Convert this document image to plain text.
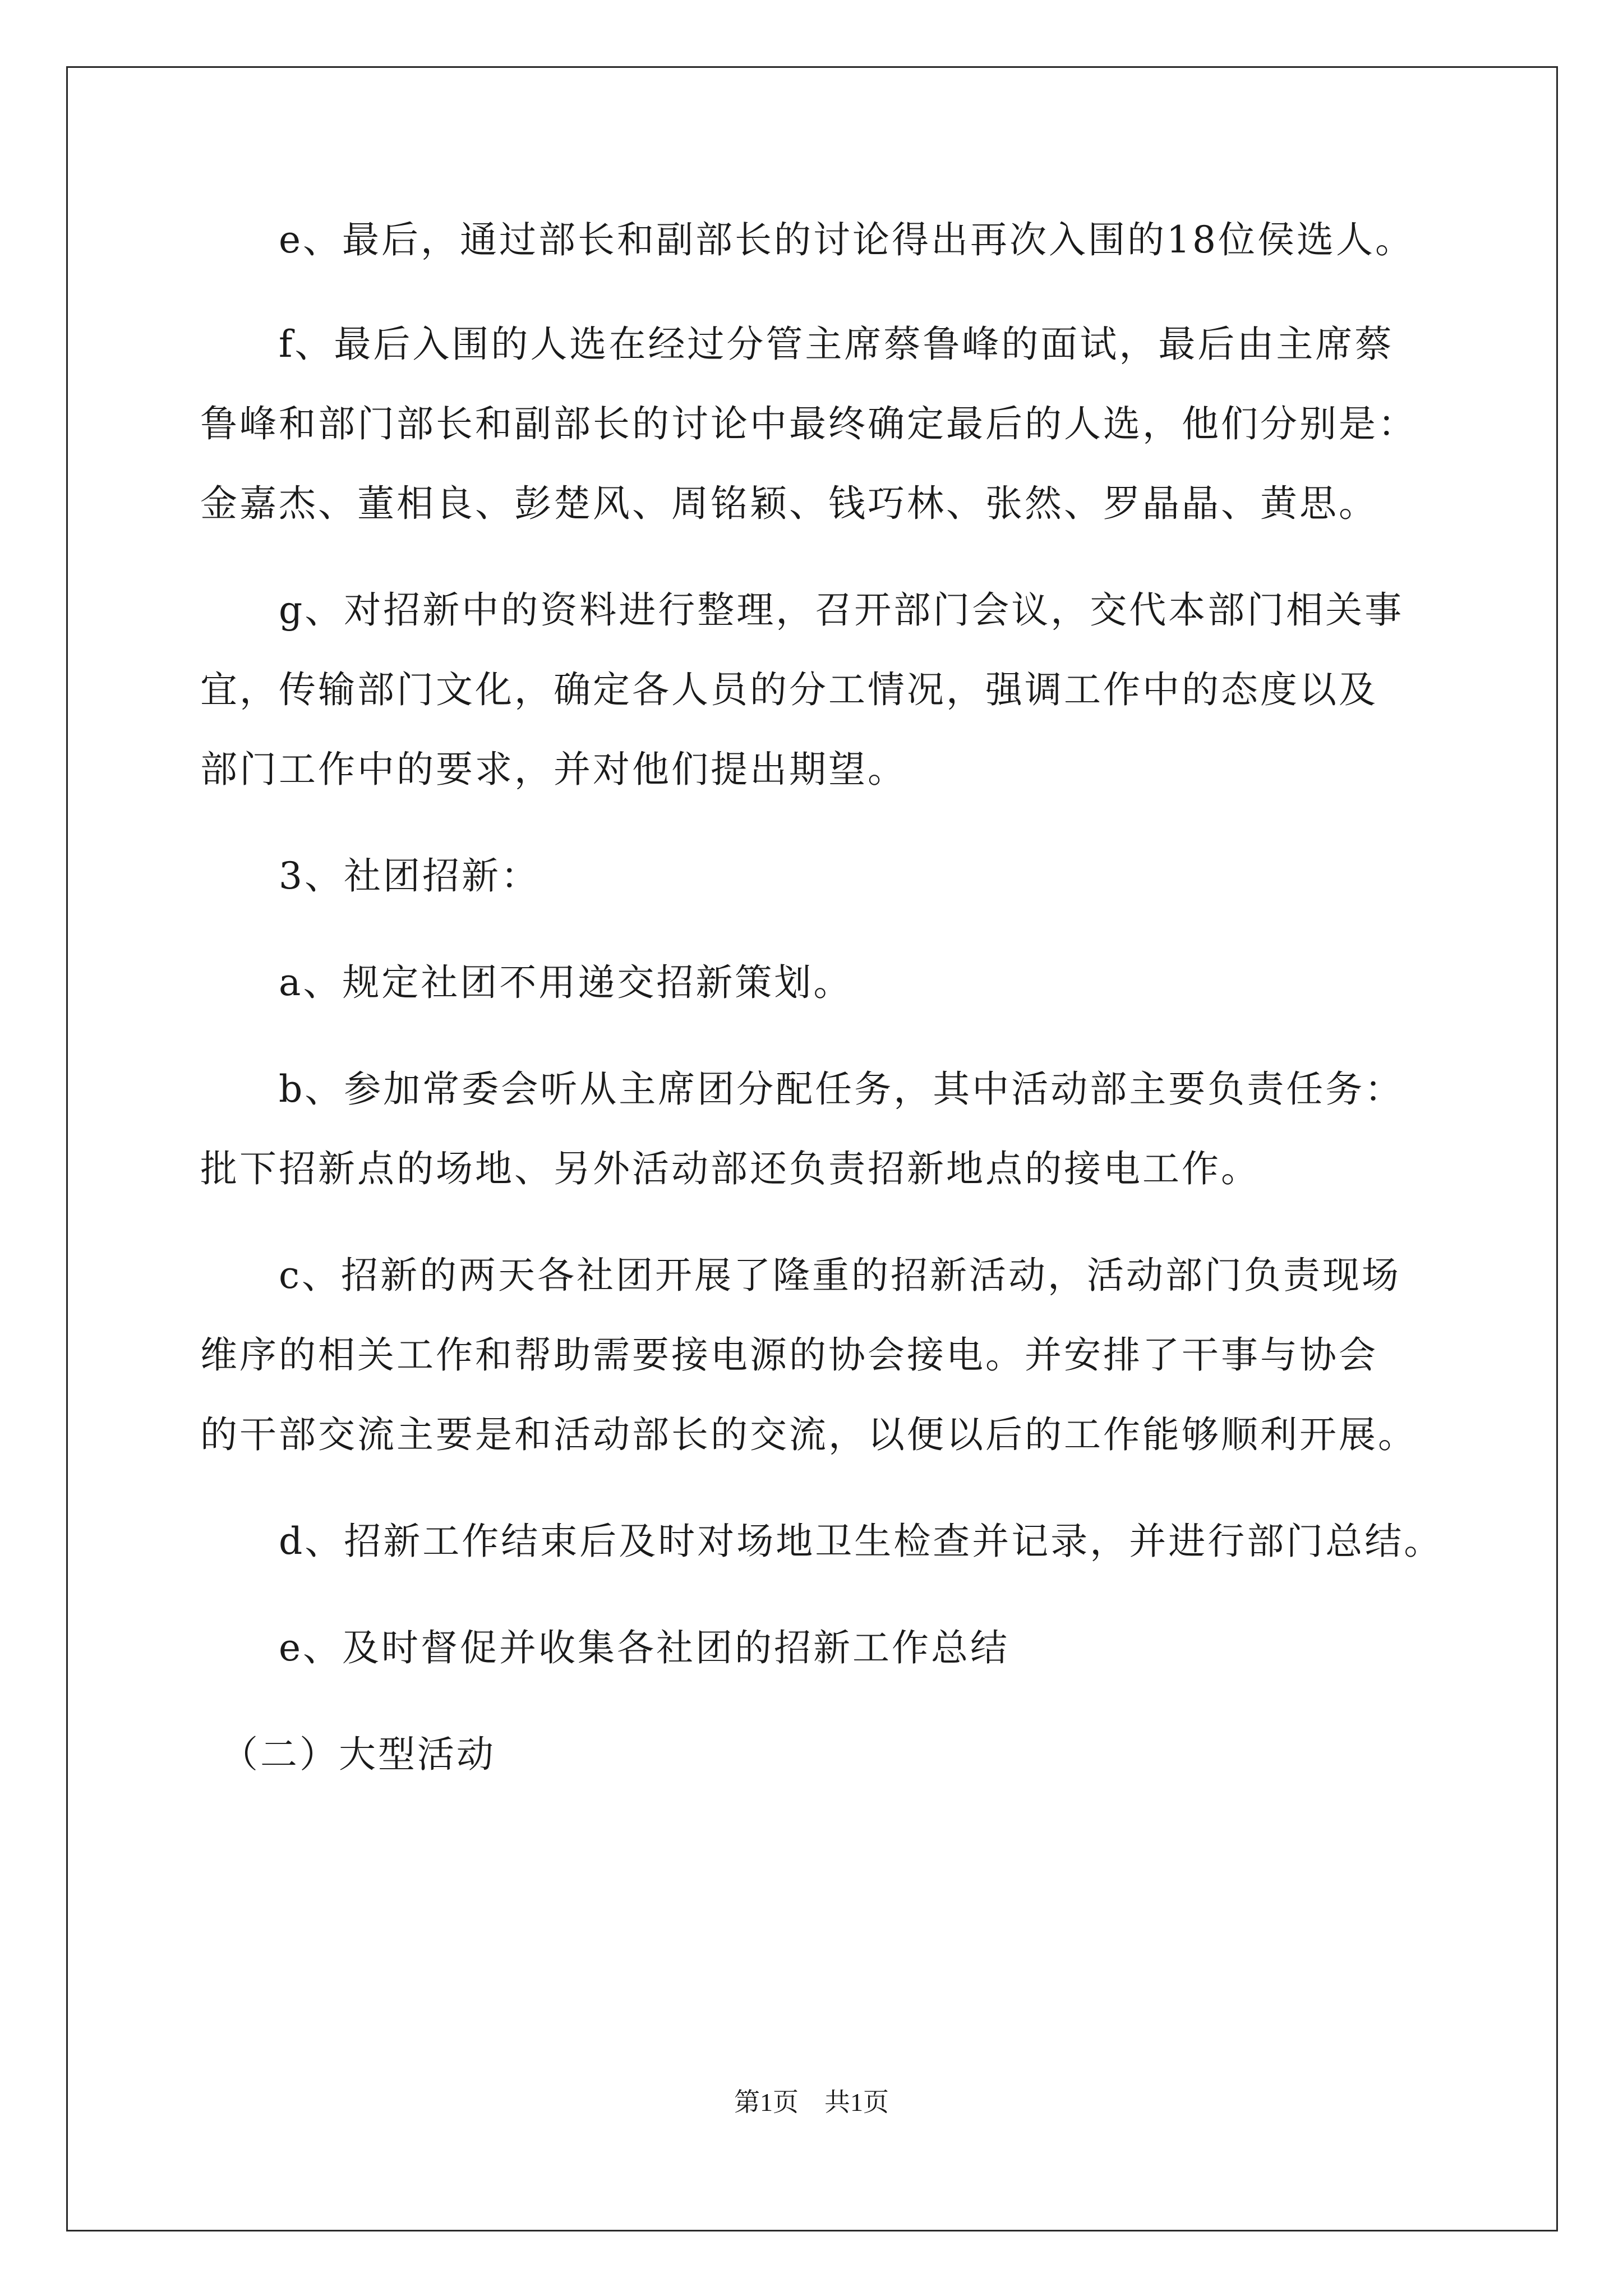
　　e、最后，通过部长和副部长的讨论得出再次入围的18位侯选人。
　　f、最后入围的人选在经过分管主席蔡鲁峰的面试，最后由主席蔡
鲁峰和部门部长和副部长的讨论中最终确定最后的人选，他们分别是：
金嘉杰、董相良、彭楚风、周铭颖、钱巧林、张然、罗晶晶、黄思。
　　g、对招新中的资料进行整理，召开部门会议，交代本部门相关事
宜，传输部门文化，确定各人员的分工情况，强调工作中的态度以及
部门工作中的要求，并对他们提出期望。
　　3、社团招新：
　　a、规定社团不用递交招新策划。
　　b、参加常委会听从主席团分配任务，其中活动部主要负责任务：
批下招新点的场地、另外活动部还负责招新地点的接电工作。
　　c、招新的两天各社团开展了隆重的招新活动，活动部门负责现场
维序的相关工作和帮助需要接电源的协会接电。并安排了干事与协会
的干部交流主要是和活动部长的交流，以便以后的工作能够顺利开展。
　　d、招新工作结束后及时对场地卫生检查并记录，并进行部门总结。
　　e、及时督促并收集各社团的招新工作总结
　（二）大型活动
第1页　共1页
